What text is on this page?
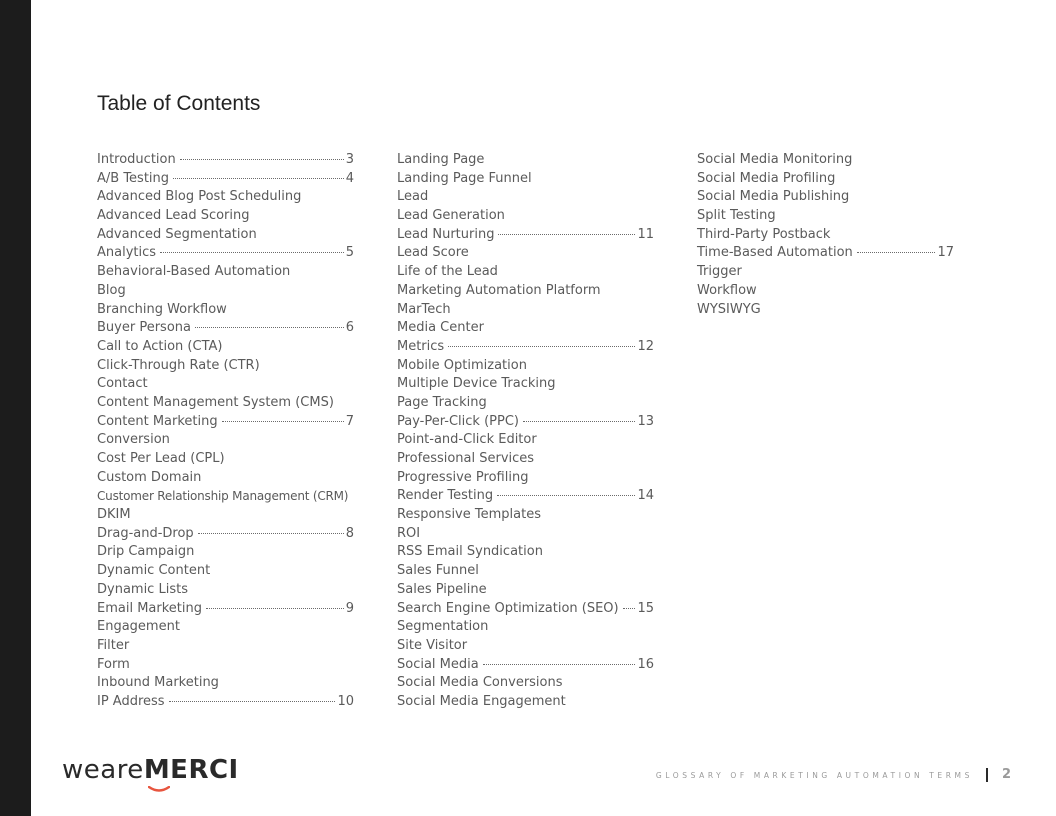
Table of Contents
Introduction	3
A/B Testing	4
Advanced Blog Post Scheduling
Advanced Lead Scoring
Advanced Segmentation
Analytics	5
Behavioral-Based Automation
Blog
Branching Workflow
Buyer Persona	6
Call to Action (CTA)
Click-Through Rate (CTR)
Contact
Content Management System (CMS)
Content Marketing	7
Conversion
Cost Per Lead (CPL)
Custom Domain
Customer Relationship Management (CRM)
DKIM
Drag-and-Drop	8
Drip Campaign
Dynamic Content
Dynamic Lists
Email Marketing	9
Engagement
Filter
Form
Inbound Marketing
IP Address	10
Landing Page
Landing Page Funnel
Lead
Lead Generation
Lead Nurturing	11
Lead Score
Life of the Lead
Marketing Automation Platform
MarTech
Media Center
Metrics	12
Mobile Optimization
Multiple Device Tracking
Page Tracking
Pay-Per-Click (PPC)	13
Point-and-Click Editor
Professional Services
Progressive Profiling
Render Testing	14
Responsive Templates
ROI
RSS Email Syndication
Sales Funnel
Sales Pipeline
Search Engine Optimization (SEO) 15
Segmentation
Site Visitor
Social Media	16
Social Media Conversions
Social Media Engagement
Social Media Monitoring
Social Media Profiling
Social Media Publishing
Split Testing
Third-Party Postback
Time-Based Automation	17
Trigger
Workflow
WYSIWYG
weare MERCI	GLOSSARY OF MARKETING AUTOMATION TERMS 2
